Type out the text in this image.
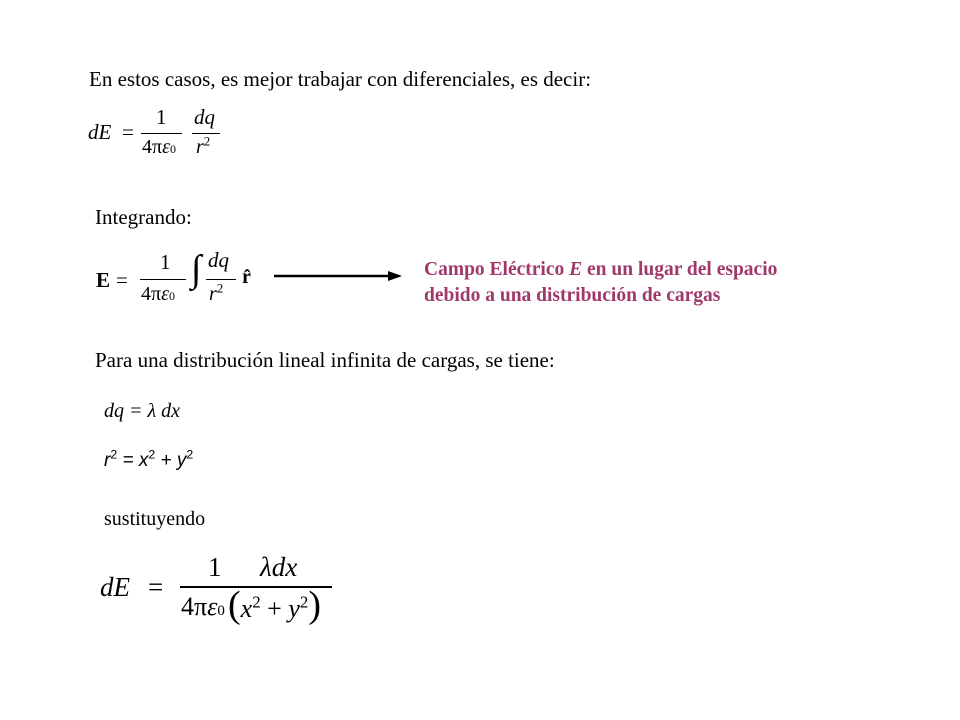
En estos casos, es mejor trabajar con diferenciales, es decir:
dE =
1
4πε0
dq
$r^2$
Integrando:
E =
1
4πε0
∫ dq
$r^2$ r̂	Campo Eléctrico E en un lugar del espacio
debido a una distribución de cargas
Para una distribución lineal infinita de cargas, se tiene:
dq = λ dx
$r^2 = x^2 + y^2$
sustituyendo
dE =
1
4πε0
λdx
$(x^2 + y^2)$
